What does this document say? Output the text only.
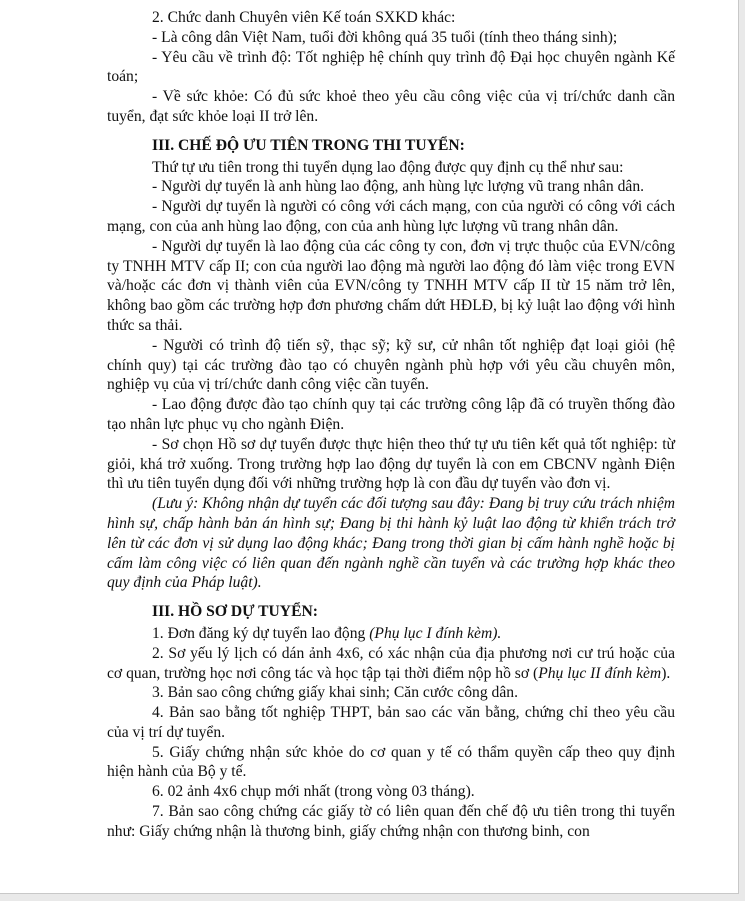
2. Chức danh Chuyên viên Kế toán SXKD khác:

- Là công dân Việt Nam, tuổi đời không quá 35 tuổi (tính theo tháng sinh);

- Yêu cầu về trình độ: Tốt nghiệp hệ chính quy trình độ Đại học chuyên ngành Kế toán;

- Về sức khỏe: Có đủ sức khoẻ theo yêu cầu công việc của vị trí/chức danh cần tuyển, đạt sức khỏe loại II trở lên.

III. CHẾ ĐỘ ƯU TIÊN TRONG THI TUYỂN:

Thứ tự ưu tiên trong thi tuyển dụng lao động được quy định cụ thể như sau:

- Người dự tuyển là anh hùng lao động, anh hùng lực lượng vũ trang nhân dân.

- Người dự tuyển là người có công với cách mạng, con của người có công với cách mạng, con của anh hùng lao động, con của anh hùng lực lượng vũ trang nhân dân.

- Người dự tuyển là lao động của các công ty con, đơn vị trực thuộc của EVN/công ty TNHH MTV cấp II; con của người lao động mà người lao động đó làm việc trong EVN và/hoặc các đơn vị thành viên của EVN/công ty TNHH MTV cấp II từ 15 năm trở lên, không bao gồm các trường hợp đơn phương chấm dứt HĐLĐ, bị kỷ luật lao động với hình thức sa thải.

- Người có trình độ tiến sỹ, thạc sỹ; kỹ sư, cử nhân tốt nghiệp đạt loại giỏi (hệ chính quy) tại các trường đào tạo có chuyên ngành phù hợp với yêu cầu chuyên môn, nghiệp vụ của vị trí/chức danh công việc cần tuyển.

- Lao động được đào tạo chính quy tại các trường công lập đã có truyền thống đào tạo nhân lực phục vụ cho ngành Điện.

- Sơ chọn Hồ sơ dự tuyển được thực hiện theo thứ tự ưu tiên kết quả tốt nghiệp: từ giỏi, khá trở xuống. Trong trường hợp lao động dự tuyển là con em CBCNV ngành Điện thì ưu tiên tuyển dụng đối với những trường hợp là con đầu dự tuyển vào đơn vị.

(Lưu ý: Không nhận dự tuyển các đối tượng sau đây: Đang bị truy cứu trách nhiệm hình sự, chấp hành bản án hình sự; Đang bị thi hành kỷ luật lao động từ khiển trách trở lên từ các đơn vị sử dụng lao động khác; Đang trong thời gian bị cấm hành nghề hoặc bị cấm làm công việc có liên quan đến ngành nghề cần tuyển và các trường hợp khác theo quy định của Pháp luật).

III. HỒ SƠ DỰ TUYỂN:

1. Đơn đăng ký dự tuyển lao động (Phụ lục I đính kèm).

2. Sơ yếu lý lịch có dán ảnh 4x6, có xác nhận của địa phương nơi cư trú hoặc của cơ quan, trường học nơi công tác và học tập tại thời điểm nộp hồ sơ (Phụ lục II đính kèm).

3. Bản sao công chứng giấy khai sinh; Căn cước công dân.

4. Bản sao bằng tốt nghiệp THPT, bản sao các văn bằng, chứng chỉ theo yêu cầu của vị trí dự tuyển.

5. Giấy chứng nhận sức khỏe do cơ quan y tế có thẩm quyền cấp theo quy định hiện hành của Bộ y tế.

6. 02 ảnh 4x6 chụp mới nhất (trong vòng 03 tháng).

7. Bản sao công chứng các giấy tờ có liên quan đến chế độ ưu tiên trong thi tuyển như: Giấy chứng nhận là thương binh, giấy chứng nhận con thương binh, con
